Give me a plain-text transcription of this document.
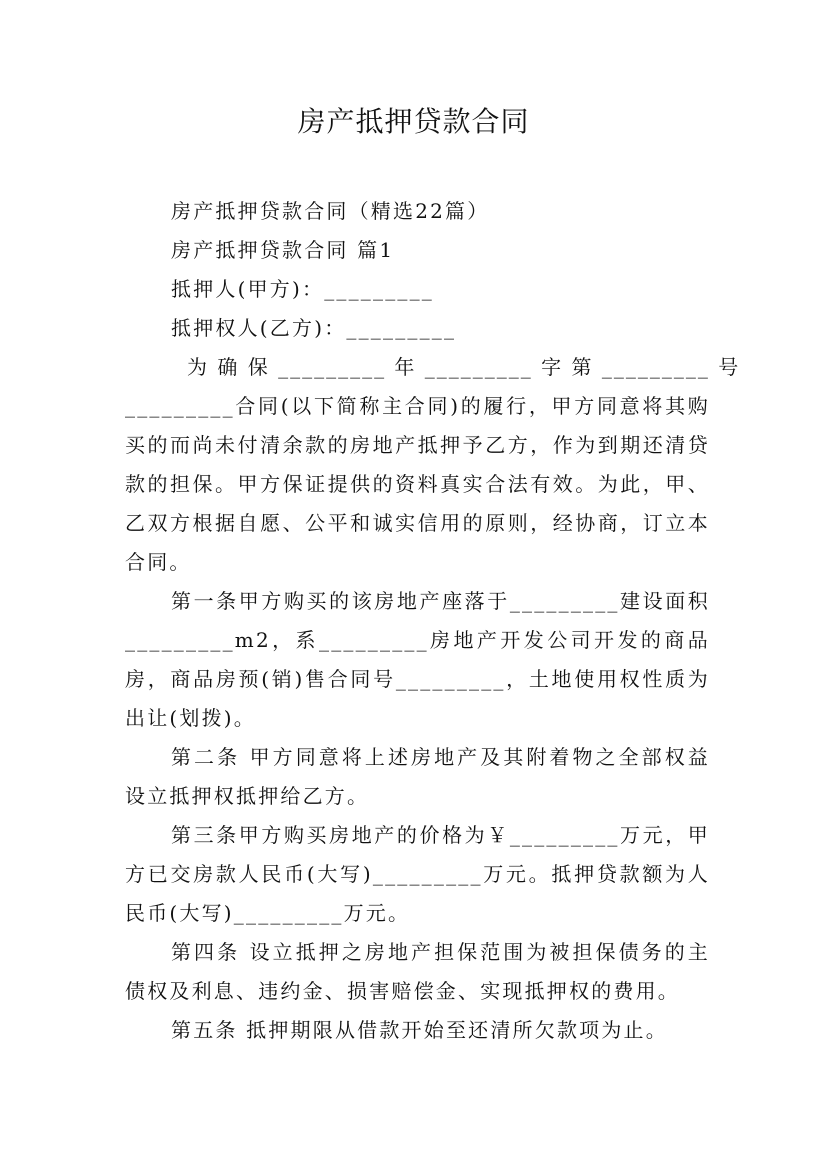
房产抵押贷款合同

房产抵押贷款合同（精选22篇）

房产抵押贷款合同 篇1

抵押人(甲方)：_________

抵押权人(乙方)：_________

为 确 保 _________ 年 _________ 字 第 _________ 号

_________合同(以下简称主合同)的履行，甲方同意将其购买的而尚未付清余款的房地产抵押予乙方，作为到期还清贷款的担保。甲方保证提供的资料真实合法有效。为此，甲、乙双方根据自愿、公平和诚实信用的原则，经协商，订立本合同。

第一条甲方购买的该房地产座落于_________建设面积_________m2，系_________房地产开发公司开发的商品房，商品房预(销)售合同号_________，土地使用权性质为出让(划拨)。

第二条 甲方同意将上述房地产及其附着物之全部权益设立抵押权抵押给乙方。

第三条甲方购买房地产的价格为￥_________万元，甲方已交房款人民币(大写)_________万元。抵押贷款额为人民币(大写)_________万元。

第四条 设立抵押之房地产担保范围为被担保债务的主债权及利息、违约金、损害赔偿金、实现抵押权的费用。

第五条 抵押期限从借款开始至还清所欠款项为止。
